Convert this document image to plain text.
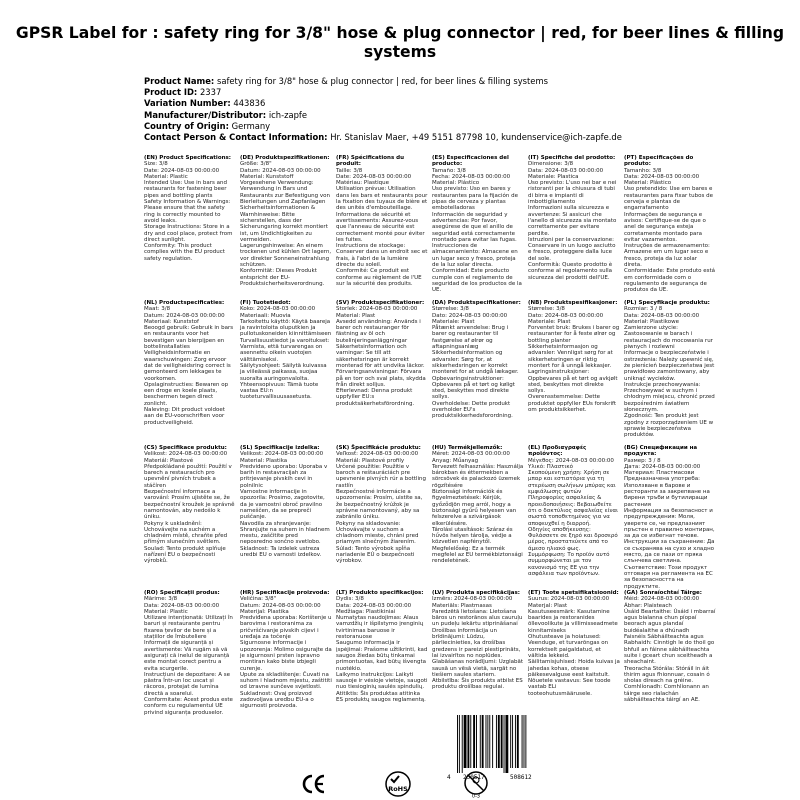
GPSR Label for : safety ring for 3/8" hose & plug connector | red, for beer lines & filling systems
Product Name: safety ring for 3/8" hose & plug connector | red, for beer lines & filling systems
Product ID: 2337
Variation Number: 443836
Manufacturer/Distributor: ich-zapfe
Country of Origin: Germany
Contact Person & Contact Information: Hr. Stanislav Maer, +49 5151 87798 10, kundenservice@ich-zapfe.de
(EN) Product Specifications:
Size: 3/8
Date: 2024-08-03 00:00:00
Material: Plastic
Intended Use: Use in bars and restaurants for fastening beer pipes and bottling plants
Safety Information & Warnings: Please ensure that the safety ring is correctly mounted to avoid leaks.
Storage Instructions: Store in a dry and cool place, protect from direct sunlight.
Conformity: This product complies with the EU product safety regulation.
(DE) Produktspezifikationen:
Größe: 3/8"
Datum: 2024-08-03 00:00:00
Material: Kunststoff
Vorgesehene Verwendung: Verwendung in Bars und Restaurants zur Befestigung von Bierleitungen und Zapfanlagen
Sicherheitsinformationen & Warnhinweise: Bitte sicherstellen, dass der Sicherungsring korrekt montiert ist, um Undichtigkeiten zu vermeiden.
Lagerungshinweise: An einem trockenen und kühlen Ort lagern, vor direkter Sonneneinstrahlung schützen.
Konformität: Dieses Produkt entspricht der EU-Produktsicherheitsverordnung.
(FR) Spécifications du produit:
Taille: 3/8
Date: 2024-08-03 00:00:00
Matériau: Plastique
Utilisation prévue: Utilisation dans les bars et restaurants pour la fixation des tuyaux de bière et des unités d'embouteillage.
Informations de sécurité et avertissements: Assurez-vous que l'anneau de sécurité est correctement monté pour éviter les fuites.
Instructions de stockage: Conserver dans un endroit sec et frais, à l'abri de la lumière directe du soleil.
Conformité: Ce produit est conforme au règlement de l'UE sur la sécurité des produits.
(ES) Especificaciones del producto:
Tamaño: 3/8
Fecha: 2024-08-03 00:00:00
Material: Plástico
Uso previsto: Uso en bares y restaurantes para la fijación de pipas de cerveza y plantas embotelladoras
Información de seguridad y advertencias: Por favor, asegúrese de que el anillo de seguridad está correctamente montado para evitar las fugas.
Instrucciones de almacenamiento: Almacene en un lugar seco y fresco, proteja de la luz solar directa.
Conformidad: Este producto cumple con el reglamento de seguridad de los productos de la UE.
(IT) Specifiche del prodotto:
Dimensione: 3/8
Data: 2024-08-03 00:00:00
Materiale: Plastica
Uso previsto: L'uso nei bar e nei ristoranti per la chiusura di tubi di birra e impianti di imbottigliamento
Informazioni sulla sicurezza e avvertenze: Si assicuri che l'anello di sicurezza sia montato correttamente per evitare perdite.
Istruzioni per la conservazione: Conservare in un luogo asciutto e fresco, proteggere dalla luce del sole.
Conformità: Questo prodotto è conforme al regolamento sulla sicurezza dei prodotti dell'UE.
(PT) Especificações do produto:
Tamanho: 3/8
Data: 2024-08-03 00:00:00
Material: Plástico
Uso pretendido: Use em bares e restaurantes para fixar tubos de cerveja e plantas de engarrafamento
Informações de segurança e avisos: Certifique-se de que o anel de segurança esteja corretamente montado para evitar vazamentos.
Instruções de armazenamento: Armazene em um lugar seco e fresco, proteja da luz solar direta.
Conformidade: Este produto está em conformidade com o regulamento de segurança de produtos da UE.
(NL) Productspecificaties:
Maat: 3/8
Datum: 2024-08-03 00:00:00
Materiaal: Kunststof
Beoogd gebruik: Gebruik in bars en restaurants voor het bevestigen van bierpijpen en bottelinstallaties
Veiligheidsinformatie en waarschuwingen: Zorg ervoor dat de veiligheidsring correct is gemonteerd om lekkages te voorkomen.
Opslaginstructies: Bewaren op een droge en koele plaats, beschermen tegen direct zonlicht.
Naleving: Dit product voldoet aan de EU-voorschriften voor productveiligheid.
(FI) Tuotetiedot:
Koko: 2024-08-03 00:00:00
Materiaali: Muovia
Tarkoitettu käyttö: Käytä baareja ja ravintoloita oluputkien ja pullotuskoneiden kiinnittämiseen
Turvallisuustiedot ja varoitukset: Varmista, että turvarengas on asennettu oikein vuotojen välttämiseksi.
Säilytysohjeet: Säilytä kuivassa ja viileässä paikassa, suojaa suoralta auringonvalolta.
Yhteensopivuus: Tämä tuote vastaa EU:n tuoteturvallisuusasetusta.
(SV) Produktspecifikationer:
Storlek: 2024-08-03 00:00:00
Material: Plast
Avsedd användning: Används i barer och restauranger för fästning av öl och butelinjeringanläggningar
Säkerhetsinformation och varningar: Se till att säkerhetsringen är korrekt monterad för att undvika läckor.
Förvaringsanvisningar: Förvara på en torr och sval plats, skydda från direkt solljus.
Efterlevnad: Denna produkt uppfyller EU:s produktsäkerhetsförordning.
(DA) Produktspecifikationer:
Størrelse: 3/8
Dato: 2024-08-03 00:00:00
Materiale: Plast
Påtænkt anvendelse: Brug i barer og restauranter til fastgørelse af ølrør og aftapningsanlæg
Sikkerhedsinformation og advarsler: Sørg for, at sikkerhedsringen er korrekt monteret for at undgå lækager.
Opbevaringsinstruktioner: Opbevares på et tørt og køligt sted, beskyttes mod direkte sollys.
Overholdelse: Dette produkt overholder EU's produktsikkerhedsforordning.
(NB) Produktspesifikasjoner:
Størrelse: 3/8
Dato: 2024-08-03 00:00:00
Materiale: Plast
Forventet bruk: Brukes i barer og restauranter for å feste ølrør og bottling planter
Sikkerhetsinformasjon og advarsler: Vennligst sørg for at sikkerhetsringen er riktig montert for å unngå lekkasjer.
Lagringsinstruksjoner: Oppbevares på et tørt og avkjølt sted, beskyttes mot direkte sollys.
Overensstemmelse: Dette produktet oppfyller EUs forskrift om produktsikkerhet.
(PL) Specyfikacje produktu:
Rozmiar: 3 / 8
Data: 2024-08-03 00:00:00
Materiał: Plastikowe
Zamierzone użycie: Zastosowanie w barach i restauracjach do mocowania rur piwnych i rozlewni
Informacje o bezpieczeństwie i ostrzeżenia: Należy upewnić się, że pierścień bezpieczeństwa jest prawidłowo zamontowany, aby uniknąć wycieków.
Instrukcje przechowywania: Przechowywać w suchym i chłodnym miejscu, chronić przed bezpośrednim światłem słonecznym.
Zgodność: Ten produkt jest zgodny z rozporządzeniem UE w sprawie bezpieczeństwa produktów.
(CS) Specifikace produktu:
Velikost: 2024-08-03 00:00:00
Materiál: Plastové
Předpokládané použití: Použití v barech a restauracích pro upevnění pivních trubek a stáčíren
Bezpečnostní informace a varování: Prosím ujistěte se, že bezpečnostní kroužek je správně namontován, aby nedošlo k úniku.
Pokyny k uskladnění: Uchovávejte na suchém a chladném místě, chraňte před přímým slunečním světlem.
Soulad: Tento produkt splňuje nařízení EU o bezpečnosti výrobků.
(SL) Specifikacije izdelka:
Velikost: 2024-08-03 00:00:00
Material: Plastika
Predvideno uporabo: Uporaba v barih in restavracijah za pritrjevanje pivskih cevi in polnilnic
Varnostne informacije in opozorila: Prosimo, zagotovite, da je varnostni obroč pravilno nameščen, da se prepreči puščanje.
Navodila za shranjevanje: Shranjujte na suhem in hladnem mestu, zaščitite pred neposredno sončno svetlobo.
Skladnost: Ta izdelek ustreza uredbi EU o varnosti izdelkov.
(SK) Špecifikácie produktu:
Veľkosť: 2024-08-03 00:00:00
Materiál: Plastové profily
Určené použitie: Použitie v baroch a reštauráciách pre upevnenie pivných rúr a bottling rastlín
Bezpečnostné informácie a upozornenia: Prosím, uistite sa, že bezpečnostný krúžok je správne namontovaný, aby sa zabránilo úniku.
Pokyny na skladovanie: Uchovávajte v suchom a chladnom mieste, chráni pred priamym slnečným žiarením.
Súlad: Tento výrobok spĺňa nariadenie EÚ o bezpečnosti výrobkov.
(HU) Termékjellemzők:
Méret: 2024-08-03 00:00:00
Anyag: Műanyag
Tervezett felhasználás: Használja bárokban és éttermekben a sörcsövek és palackozó üzemek rögzítésére
Biztonsági információk és figyelmeztetések: Kérjük, győződjön meg arról, hogy a biztonsági gyűrű helyesen van felszerelve a szivárgások elkerülésére.
Tárolási utasítások: Száraz és hűvös helyen tárolja, védje a közvetlen napfénytől.
Megfelelőség: Ez a termék megfelel az EU termékbiztonsági rendeletének.
(EL) Προδιαγραφές προϊόντος:
Μέγεθος: 2024-08-03 00:00:00
Υλικό: Πλαστικό
Σκοπούμενη χρήση: Χρήση σε μπαρ και εστιατόρια για τη στερέωση σωλήνων μπύρας και εμφιάλωσης φυτών
Πληροφορίες ασφαλείας & προειδοποιήσεις: Βεβαιωθείτε ότι ο δακτύλιος ασφαλείας είναι σωστά τοποθετημένος για να αποφευχθεί η διαρροή.
Οδηγίες αποθήκευσης: Φυλάσσετε σε ξηρό και δροσερό μέρος, προστατεύετε από το άμεσο ηλιακό φως.
Συμμόρφωση: Το προϊόν αυτό συμμορφώνεται με τον κανονισμό της ΕΕ για την ασφάλεια των προϊόντων.
(BG) Спецификации на продукта:
Размер: 3 / 8
Дата: 2024-08-03 00:00:00
Материал: Пластмасови
Предназначена употреба: Използване в барове и ресторанти за закрепване на бирени тръби и бутилиращи растения
Информация за безопасност и предупреждения: Моля, уверете се, че предпазният пръстен е правилно монтиран, за да се избегнат течове.
Инструкции за съхранение: Да се съхранява на сухо и хладно място, да се пази от пряка слънчева светлина.
Съответствие: Този продукт отговаря на регламента на ЕС за безопасността на продуктите.
(RO) Specificații produs:
Mărime: 3/8
Data: 2024-08-03 00:00:00
Material: Plastic
Utilizare intenționată: Utilizați în baruri și restaurante pentru fixarea țevilor de bere și a stațiilor de îmbuteliere
Informații de siguranță și avertismente: Vă rugăm să vă asigurați că inelul de siguranță este montat corect pentru a evita scurgerile.
Instrucțiuni de depozitare: A se păstra într-un loc uscat și răcoros, protejat de lumina directă a soarelui.
Conformitate: Acest produs este conform cu regulamentul UE privind siguranța produselor.
(HR) Specifikacije proizvoda:
Veličina: 3/8"
Datum: 2024-08-03 00:00:00
Materijal: Plastika
Predviđena uporaba: Korištenje u barovima i restoranima za pričvršćivanje pivskih cijevi i uređaja za točenje
Sigurnosne informacije i upozorenja: Molimo osigurajte da je sigurnosni prsten ispravno montiran kako biste izbjegli curenje.
Upute za skladištenje: Čuvati na suhom i hladnom mjestu, zaštititi od izravne sunčeve svjetlosti.
Sukladnost: Ovaj proizvod zadovoljava uredbu EU-a o sigurnosti proizvoda.
(LT) Produkto specifikacijos:
Dydis: 3/8
Data: 2024-08-03 00:00:00
Medžiaga: Plastikiniai
Numatytas naudojimas: Alaus vamzdžių ir išpilstymo įrenginių tvirtinimas baruose ir restoranuose
Saugumo informacija ir įspėjimai: Prašome užtikrinti, kad saugos žiedas būtų tinkamai primontuotas, kad būtų išvengta nuotėkio.
Laikymo instrukcijos: Laikyti sausoje ir vėsioje vietoje, saugoti nuo tiesioginių saulės spindulių.
Atitiktis: Šis produktas atitinka ES produktų saugos reglamentą.
(LV) Produkta specifikācijas:
Izmērs: 2024-08-03 00:00:00
Materiāls: Plastmasas
Paredzētā lietošana: Lietošana bāros un restorānos alus cauruļu un pudeļu iekārtu stiprināšanai
Drošības informācija un brīdinājumi: Lūdzu, pārliecinieties, ka drošības gredzens ir pareizi piestiprināts, lai izvairītos no noplūdes.
Glabāšanas norādījumi: Uzglabāt sausā un vēsā vietā, sargāt no tiešiem saules stariem.
Atbilstība: Šis produkts atbilst ES produktu drošības regulai.
(ET) Toote spetsifikatsioonid:
Suurus: 2024-08-03 00:00:00
Materjal: Plast
Kasutuseesmärk: Kasutamine baarides ja restoranides õllevoolikute ja villimisseadmete kinnitamiseks
Ohutusteave ja hoiatused: Veenduge, et turvarõngas on korrektselt paigaldatud, et vältida lekkeid.
Säilitamisjuhised: Hoida kuivas ja jahedas kohas, otsese päikesevalguse eest kaitstult.
Nõuetele vastavus: See toode vastab ELi tooteohutusmäärusele.
(GA) Sonraíochtaí Táirge:
Méid: 2024-08-03 00:00:00
Ábhar: Plaisteach
Úsáid Beartaithe: Úsáid i mbarraí agus bialanna chun píopaí beorach agus plandaí buidéalaithe a dhúnadh
Faisnéis Sábháilteachta agus Rabhaidh: Cinntigh le do thoil go bhfuil an fáinne sábháilteachta suite i gceart chun sceitheadh a sheachaint.
Treoracha Stórála: Stóráil in áit thirim agus fhionnuar, cosain ó sholas díreach na gréine.
Comhlíonadh: Comhlíonann an táirge seo rialachán sábháilteachta táirgí an AE.
4 250517	508612
RoHS
0-3
